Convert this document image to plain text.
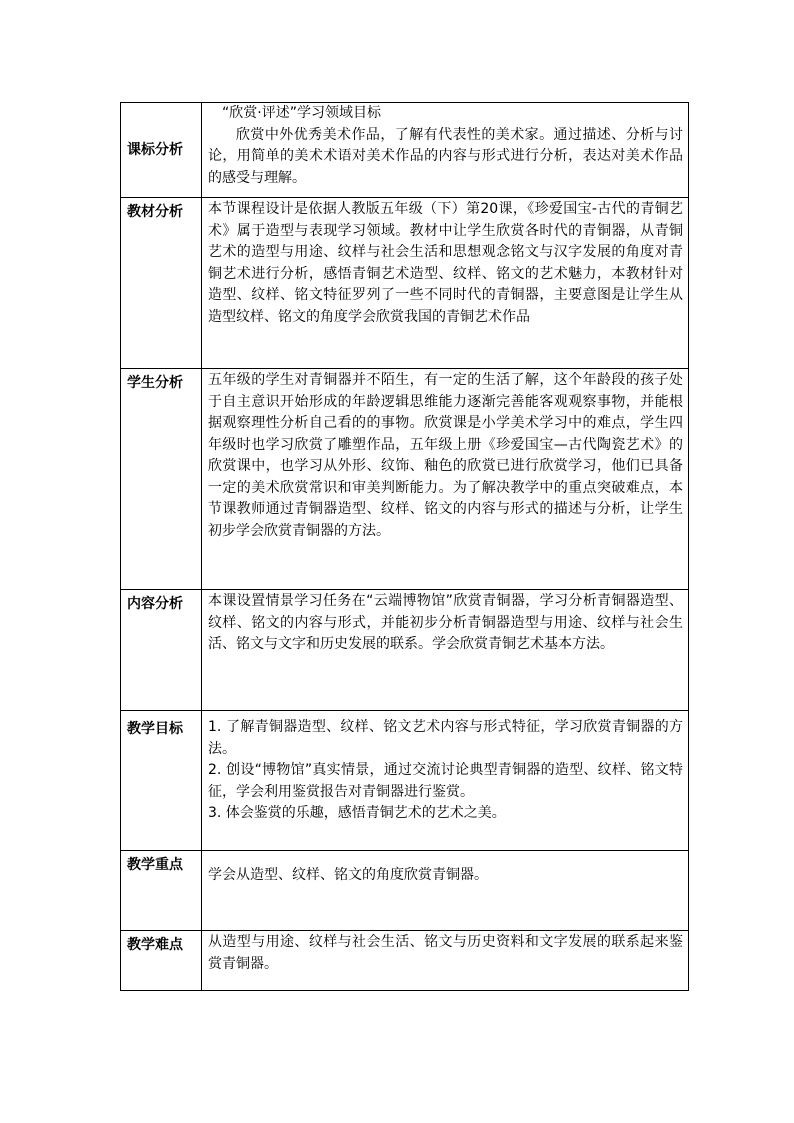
课标分析	“欣赏·评述”学习领域目标
欣赏中外优秀美术作品，了解有代表性的美术家。通过描述、分析与讨论，用简单的美术术语对美术作品的内容与形式进行分析，表达对美术作品的感受与理解。

教材分析	本节课程设计是依据人教版五年级（下）第20课，《珍爱国宝-古代的青铜艺术》属于造型与表现学习领域。教材中让学生欣赏各时代的青铜器，从青铜艺术的造型与用途、纹样与社会生活和思想观念铭文与汉字发展的角度对青铜艺术进行分析，感悟青铜艺术造型、纹样、铭文的艺术魅力，本教材针对造型、纹样、铭文特征罗列了一些不同时代的青铜器，主要意图是让学生从造型纹样、铭文的角度学会欣赏我国的青铜艺术作品

学生分析	五年级的学生对青铜器并不陌生，有一定的生活了解，这个年龄段的孩子处于自主意识开始形成的年龄逻辑思维能力逐渐完善能客观观察事物，并能根据观察理性分析自己看的的事物。欣赏课是小学美术学习中的难点，学生四年级时也学习欣赏了雕塑作品，五年级上册《珍爱国宝—古代陶瓷艺术》的欣赏课中，也学习从外形、纹饰、釉色的欣赏已进行欣赏学习，他们已具备一定的美术欣赏常识和审美判断能力。为了解决教学中的重点突破难点，本节课教师通过青铜器造型、纹样、铭文的内容与形式的描述与分析，让学生初步学会欣赏青铜器的方法。

内容分析	本课设置情景学习任务在“云端博物馆”欣赏青铜器，学习分析青铜器造型、纹样、铭文的内容与形式，并能初步分析青铜器造型与用途、纹样与社会生活、铭文与文字和历史发展的联系。学会欣赏青铜艺术基本方法。

教学目标	1. 了解青铜器造型、纹样、铭文艺术内容与形式特征，学习欣赏青铜器的方法。
2. 创设“博物馆”真实情景，通过交流讨论典型青铜器的造型、纹样、铭文特征，学会利用鉴赏报告对青铜器进行鉴赏。
3. 体会鉴赏的乐趣，感悟青铜艺术的艺术之美。

教学重点	学会从造型、纹样、铭文的角度欣赏青铜器。

教学难点	从造型与用途、纹样与社会生活、铭文与历史资料和文字发展的联系起来鉴赏青铜器。
